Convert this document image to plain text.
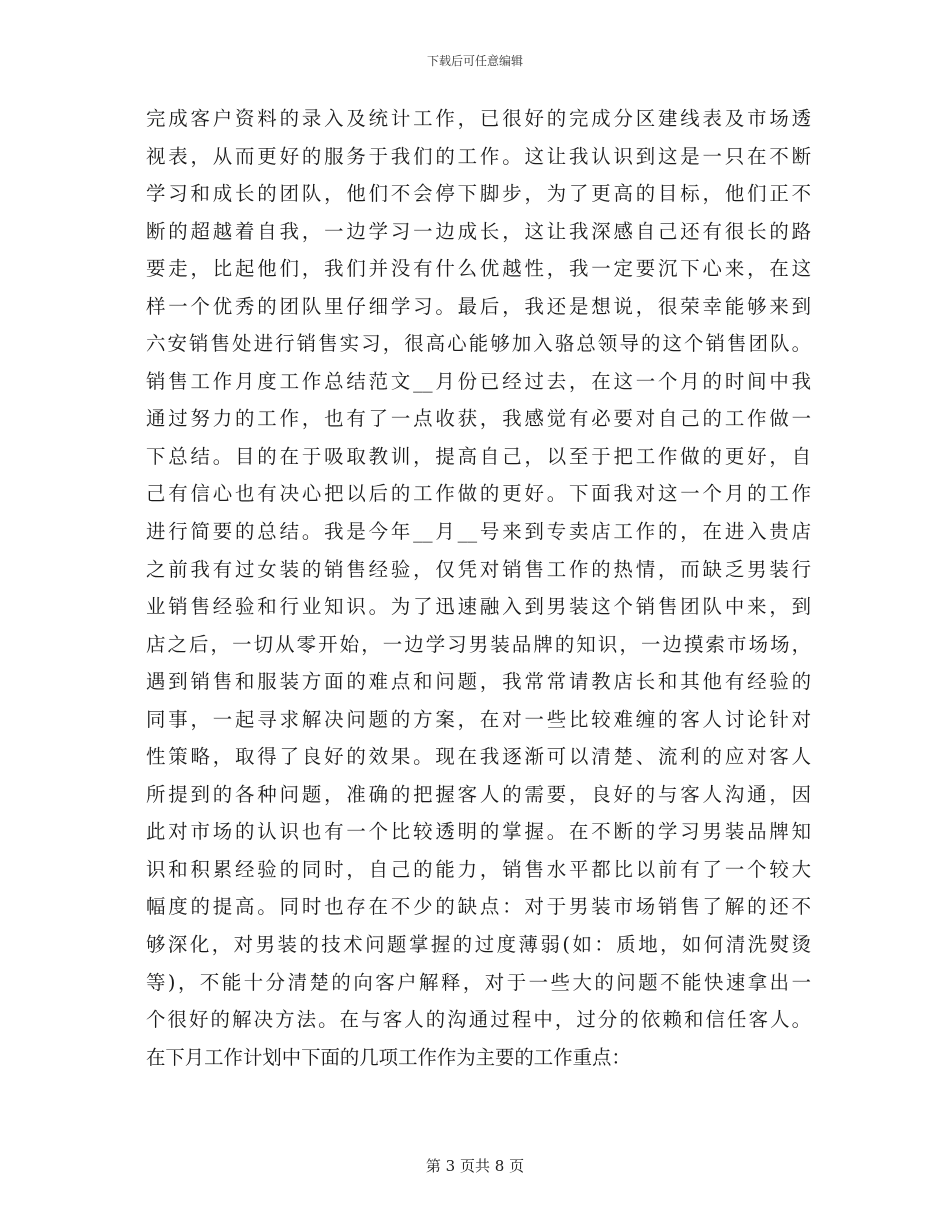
下载后可任意编辑
完成客户资料的录入及统计工作，已很好的完成分区建线表及市场透
视表，从而更好的服务于我们的工作。这让我认识到这是一只在不断
学习和成长的团队，他们不会停下脚步，为了更高的目标，他们正不
断的超越着自我，一边学习一边成长，这让我深感自己还有很长的路
要走，比起他们，我们并没有什么优越性，我一定要沉下心来，在这
样一个优秀的团队里仔细学习。最后，我还是想说，很荣幸能够来到
六安销售处进行销售实习，很高心能够加入骆总领导的这个销售团队。
销售工作月度工作总结范文__月份已经过去，在这一个月的时间中我
通过努力的工作，也有了一点收获，我感觉有必要对自己的工作做一
下总结。目的在于吸取教训，提高自己，以至于把工作做的更好，自
己有信心也有决心把以后的工作做的更好。下面我对这一个月的工作
进行简要的总结。我是今年__月__号来到专卖店工作的，在进入贵店
之前我有过女装的销售经验，仅凭对销售工作的热情，而缺乏男装行
业销售经验和行业知识。为了迅速融入到男装这个销售团队中来，到
店之后，一切从零开始，一边学习男装品牌的知识，一边摸索市场场，
遇到销售和服装方面的难点和问题，我常常请教店长和其他有经验的
同事，一起寻求解决问题的方案，在对一些比较难缠的客人讨论针对
性策略，取得了良好的效果。现在我逐渐可以清楚、流利的应对客人
所提到的各种问题，准确的把握客人的需要，良好的与客人沟通，因
此对市场的认识也有一个比较透明的掌握。在不断的学习男装品牌知
识和积累经验的同时，自己的能力，销售水平都比以前有了一个较大
幅度的提高。同时也存在不少的缺点：对于男装市场销售了解的还不
够深化，对男装的技术问题掌握的过度薄弱(如：质地，如何清洗熨烫
等)，不能十分清楚的向客户解释，对于一些大的问题不能快速拿出一
个很好的解决方法。在与客人的沟通过程中，过分的依赖和信任客人。
在下月工作计划中下面的几项工作作为主要的工作重点：
第 3 页共 8 页
